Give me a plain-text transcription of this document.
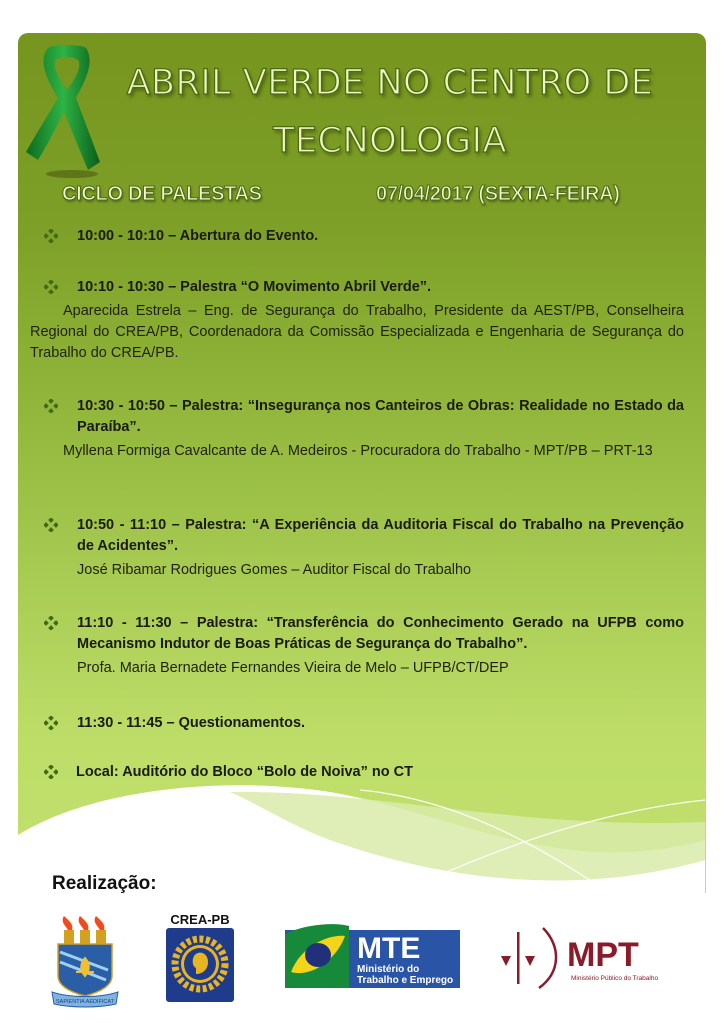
ABRIL VERDE NO CENTRO DE
TECNOLOGIA
CICLO DE PALESTAS	07/04/2017 (SEXTA-FEIRA)
10:00 - 10:10 – Abertura do Evento.
10:10 - 10:30 – Palestra “O Movimento Abril Verde”.
Aparecida Estrela – Eng. de Segurança do Trabalho, Presidente da AEST/PB, Conselheira Regional do CREA/PB, Coordenadora da Comissão Especializada e Engenharia de Segurança do Trabalho do CREA/PB.
10:30 - 10:50 – Palestra: “Insegurança nos Canteiros de Obras: Realidade no Estado da Paraíba”.
Myllena Formiga Cavalcante de A. Medeiros - Procuradora do Trabalho - MPT/PB – PRT-13
10:50 - 11:10 – Palestra: “A Experiência da Auditoria Fiscal do Trabalho na Prevenção de Acidentes”.
José Ribamar Rodrigues Gomes – Auditor Fiscal do Trabalho
11:10 - 11:30 – Palestra: “Transferência do Conhecimento Gerado na UFPB como Mecanismo Indutor de Boas Práticas de Segurança do Trabalho”.
Profa. Maria Bernadete Fernandes Vieira de Melo – UFPB/CT/DEP
11:30 - 11:45 – Questionamentos.
Local: Auditório do Bloco “Bolo de Noiva” no CT
Realização:
SAPIENTIA AEDIFICAT
CREA-PB
MTE
Ministério do
Trabalho e Emprego
MPT
Ministério Público do Trabalho
